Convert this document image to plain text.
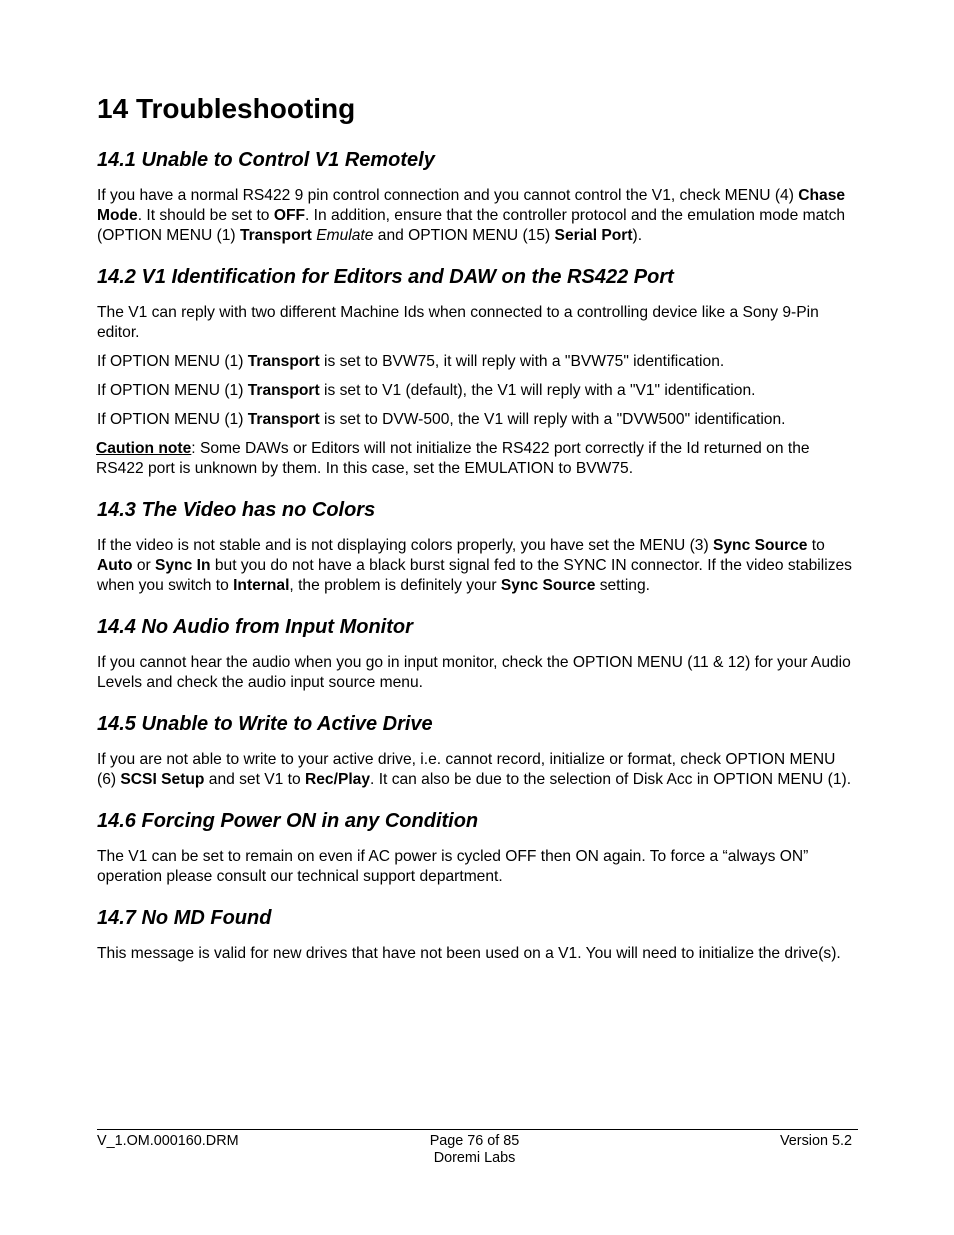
14 Troubleshooting
14.1 Unable to Control V1 Remotely

If you have a normal RS422 9 pin control connection and you cannot control the V1, check MENU (4) Chase Mode. It should be set to OFF. In addition, ensure that the controller protocol and the emulation mode match (OPTION MENU (1) Transport Emulate and OPTION MENU (15) Serial Port).

14.2 V1 Identification for Editors and DAW on the RS422 Port

The V1 can reply with two different Machine Ids when connected to a controlling device like a Sony 9-Pin editor.

If OPTION MENU (1) Transport is set to BVW75, it will reply with a "BVW75" identification.

If OPTION MENU (1) Transport is set to V1 (default), the V1 will reply with a "V1" identification.

If OPTION MENU (1) Transport is set to DVW-500, the V1 will reply with a "DVW500" identification.

Caution note: Some DAWs or Editors will not initialize the RS422 port correctly if the Id returned on the RS422 port is unknown by them. In this case, set the EMULATION to BVW75.

14.3 The Video has no Colors

If the video is not stable and is not displaying colors properly, you have set the MENU (3) Sync Source to Auto or Sync In but you do not have a black burst signal fed to the SYNC IN connector. If the video stabilizes when you switch to Internal, the problem is definitely your Sync Source setting.

14.4 No Audio from Input Monitor

If you cannot hear the audio when you go in input monitor, check the OPTION MENU (11 & 12) for your Audio Levels and check the audio input source menu.

14.5 Unable to Write to Active Drive

If you are not able to write to your active drive, i.e. cannot record, initialize or format, check OPTION MENU (6) SCSI Setup and set V1 to Rec/Play. It can also be due to the selection of Disk Acc in OPTION MENU (1).

14.6 Forcing Power ON in any Condition

The V1 can be set to remain on even if AC power is cycled OFF then ON again. To force a “always ON” operation please consult our technical support department.

14.7 No MD Found

This message is valid for new drives that have not been used on a V1. You will need to initialize the drive(s).

V_1.OM.000160.DRM	Page 76 of 85
Doremi Labs
Version 5.2
